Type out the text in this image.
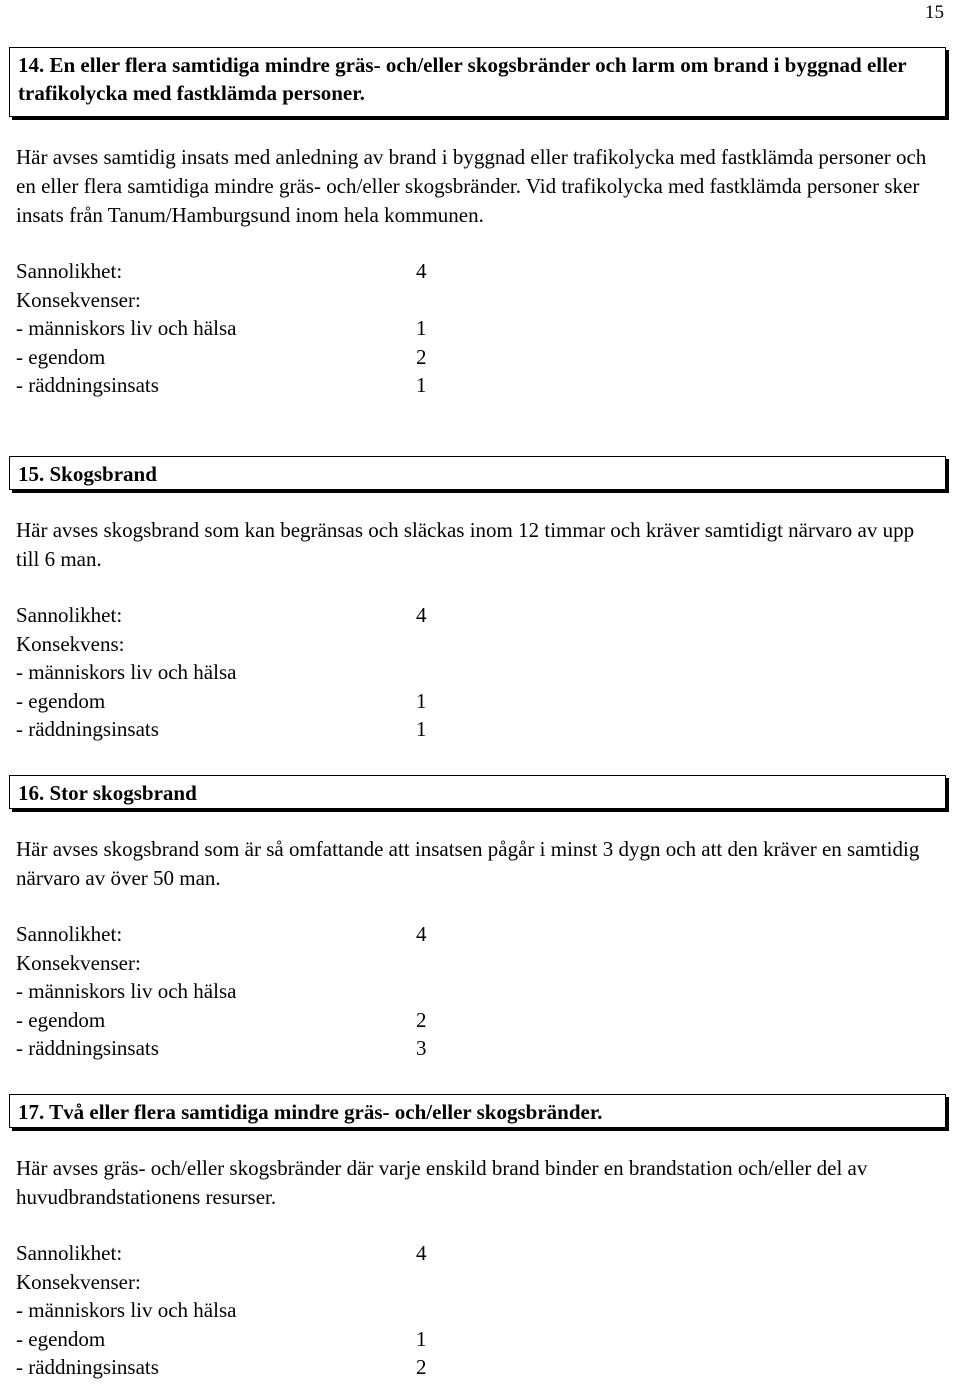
15
14. En eller flera samtidiga mindre gräs- och/eller skogsbränder och larm om brand i byggnad eller trafikolycka med fastklämda personer.

Här avses samtidig insats med anledning av brand i byggnad eller trafikolycka med fastklämda personer och en eller flera samtidiga mindre gräs- och/eller skogsbränder. Vid trafikolycka med fastklämda personer sker insats från Tanum/Hamburgsund inom hela kommunen.

Sannolikhet:	4
Konsekvenser:
- människors liv och hälsa	1
- egendom	2
- räddningsinsats	1
15. Skogsbrand

Här avses skogsbrand som kan begränsas och släckas inom 12 timmar och kräver samtidigt närvaro av upp till 6 man.

Sannolikhet:	4
Konsekvens:
- människors liv och hälsa
- egendom	1
- räddningsinsats	1
16. Stor skogsbrand

Här avses skogsbrand som är så omfattande att insatsen pågår i minst 3 dygn och att den kräver en samtidig närvaro av över 50 man.

Sannolikhet:	4
Konsekvenser:
- människors liv och hälsa
- egendom	2
- räddningsinsats	3
17. Två eller flera samtidiga mindre gräs- och/eller skogsbränder.

Här avses gräs- och/eller skogsbränder där varje enskild brand binder en brandstation och/eller del av huvudbrandstationens resurser.

Sannolikhet:	4
Konsekvenser:
- människors liv och hälsa
- egendom	1
- räddningsinsats	2
